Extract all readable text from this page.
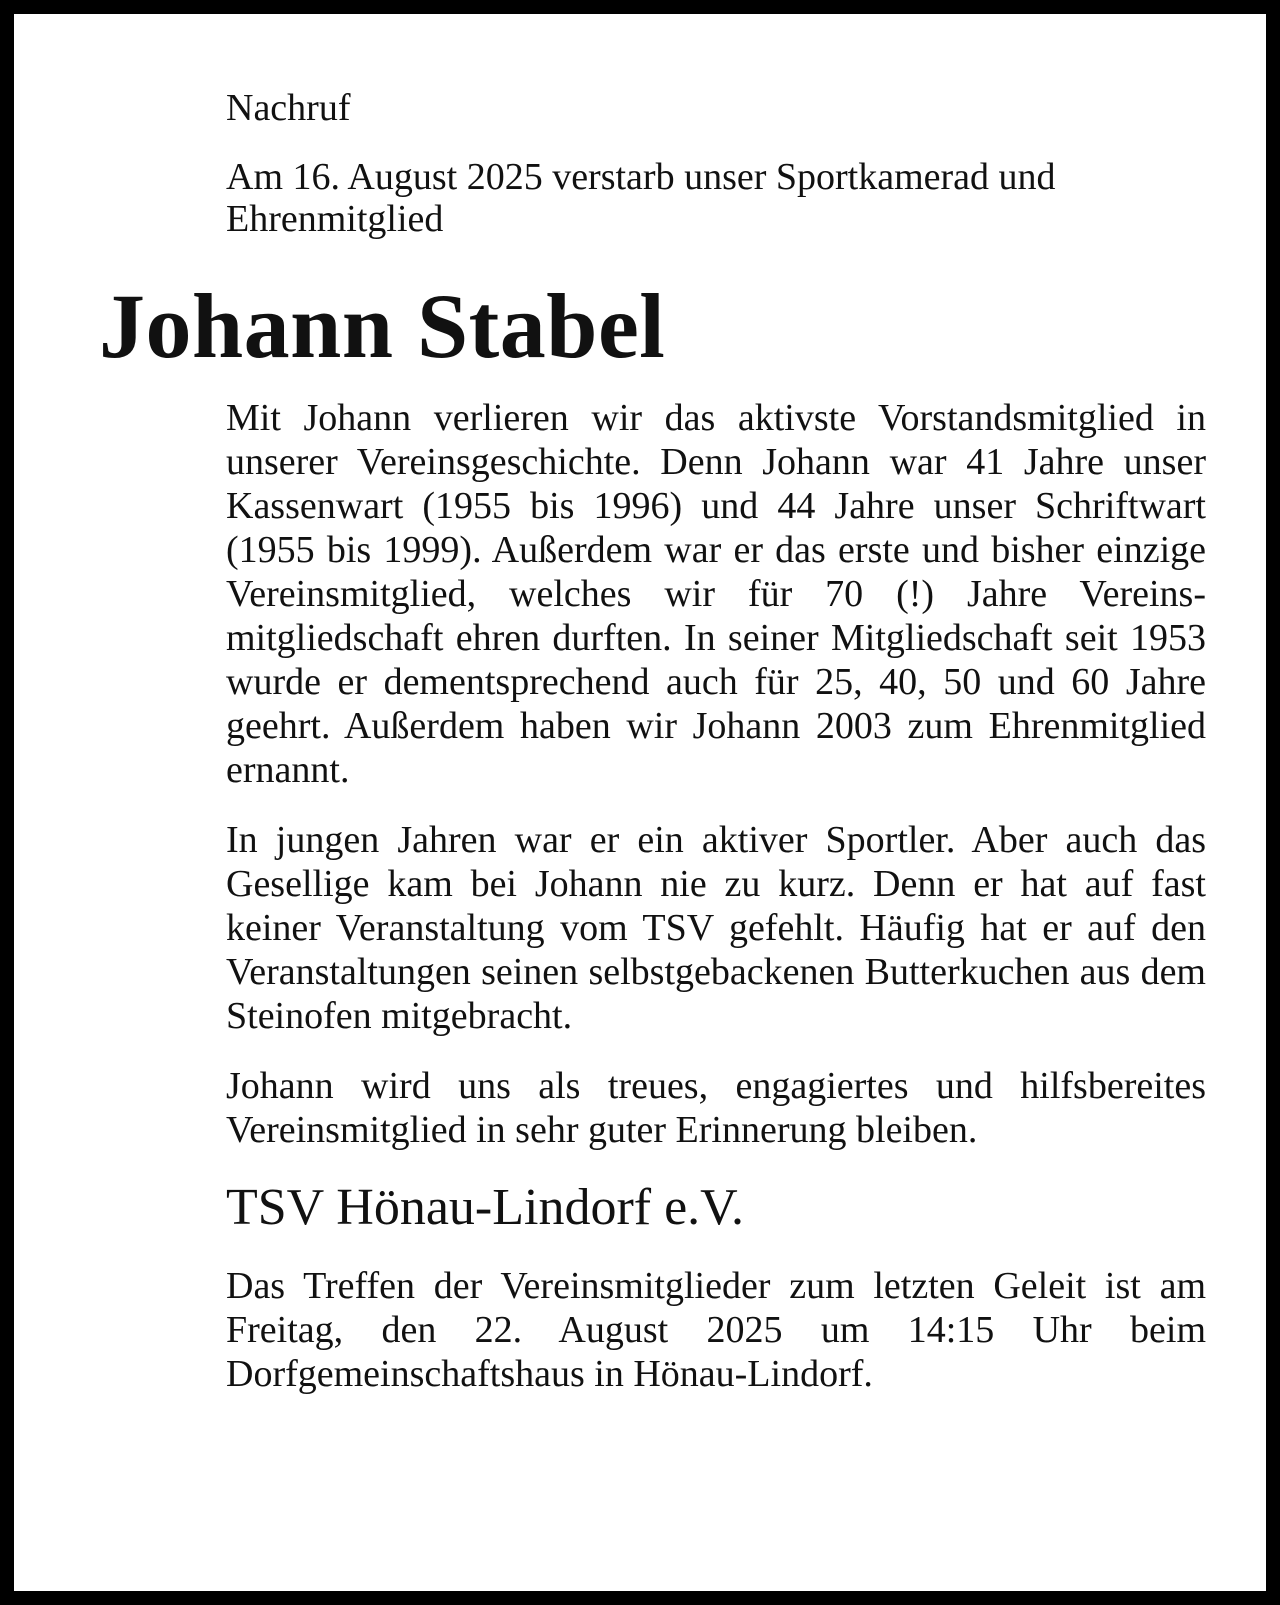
Nachruf

Am 16. August 2025 verstarb unser Sportkamerad und Ehrenmitglied

Johann Stabel

Mit Johann verlieren wir das aktivste Vorstandsmitglied in unserer Vereinsgeschichte. Denn Johann war 41 Jahre unser Kassenwart (1955 bis 1996) und 44 Jahre unser Schriftwart (1955 bis 1999). Außerdem war er das erste und bisher einzige Vereinsmitglied, welches wir für 70 (!) Jahre Vereinsmitgliedschaft ehren durften. In seiner Mitgliedschaft seit 1953 wurde er dementsprechend auch für 25, 40, 50 und 60 Jahre geehrt. Außerdem haben wir Johann 2003 zum Ehrenmitglied ernannt.

In jungen Jahren war er ein aktiver Sportler. Aber auch das Gesellige kam bei Johann nie zu kurz. Denn er hat auf fast keiner Veranstaltung vom TSV gefehlt. Häufig hat er auf den Veranstaltungen seinen selbstgebackenen Butterkuchen aus dem Steinofen mitgebracht.

Johann wird uns als treues, engagiertes und hilfsbereites Vereinsmitglied in sehr guter Erinnerung bleiben.

TSV Hönau-Lindorf e.V.

Das Treffen der Vereinsmitglieder zum letzten Geleit ist am Freitag, den 22. August 2025 um 14:15 Uhr beim Dorfgemeinschaftshaus in Hönau-Lindorf.
